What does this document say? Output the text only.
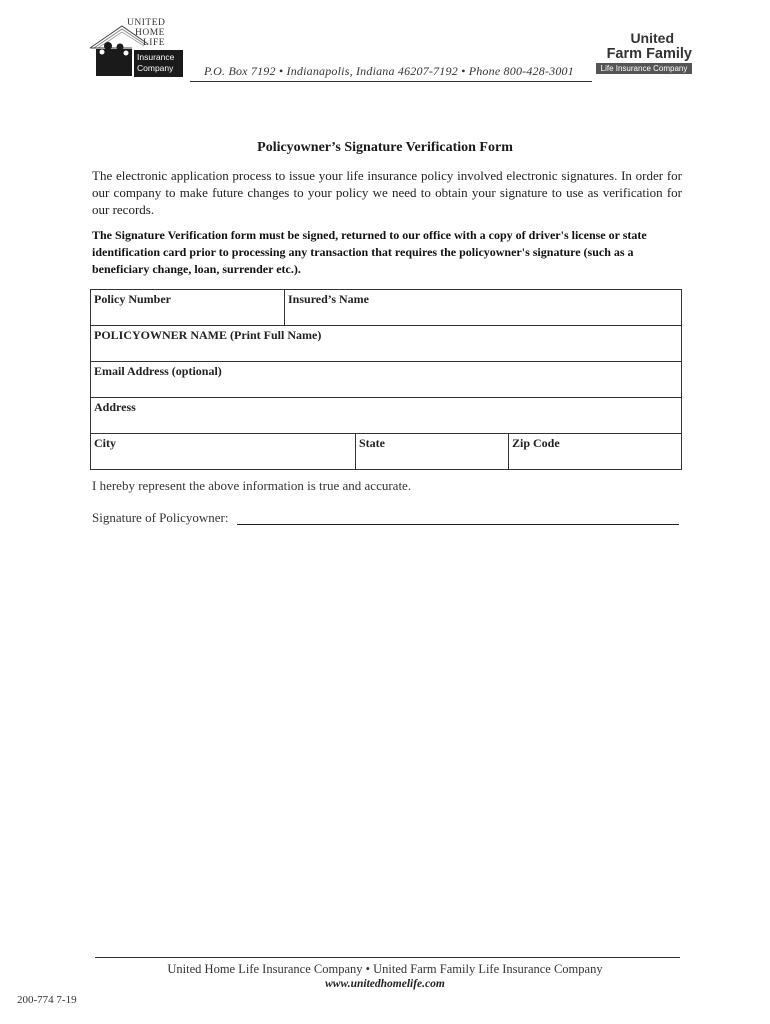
UNITED
HOME
LIFE
Insurance
Company	P.O. Box 7192 • Indianapolis, Indiana 46207-7192 • Phone 800-428-3001
United
Farm Family
Life Insurance Company
Policyowner’s Signature Verification Form
The electronic application process to issue your life insurance policy involved electronic signatures. In order for our company to make future changes to your policy we need to obtain your signature to use as verification for our records.
The Signature Verification form must be signed, returned to our office with a copy of driver's license or state identification card prior to processing any transaction that requires the policyowner's signature (such as a beneficiary change, loan, surrender etc.).
Policy Number	Insured’s Name		
POLICYOWNER NAME (Print Full Name)			
Email Address (optional)			
Address			
City		State	Zip Code
I hereby represent the above information is true and accurate.
Signature of Policyowner:
United Home Life Insurance Company • United Farm Family Life Insurance Company
www.unitedhomelife.com
200-774 7-19
